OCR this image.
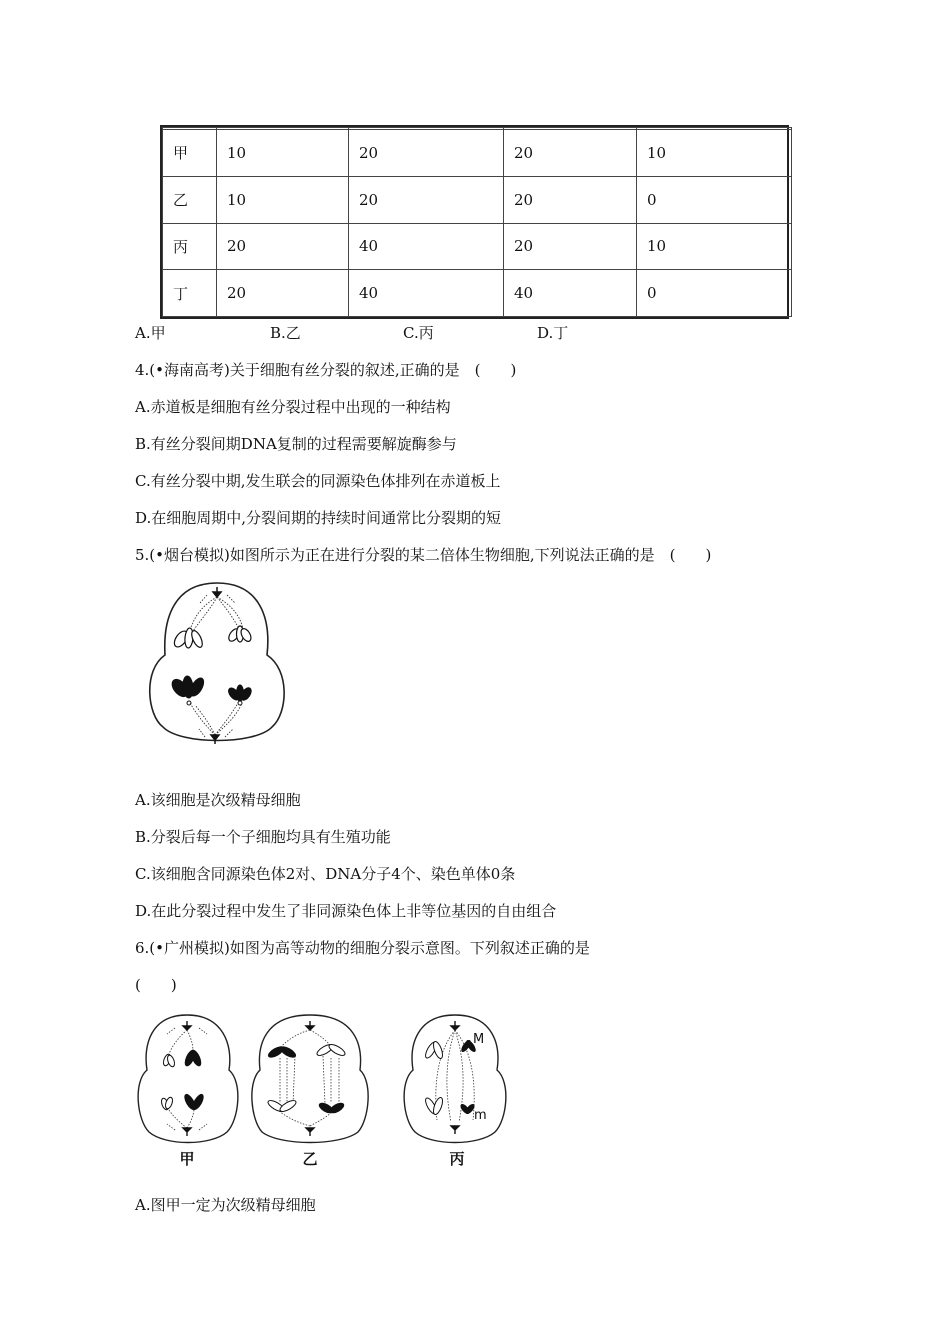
甲	10	20	20	10
乙	10	20	20	0
丙	20	40	20	10
丁	20	40	40	0
A.甲	B.乙	C.丙	D.丁
4.(•海南高考)关于细胞有丝分裂的叙述,正确的是　(　　)
A.赤道板是细胞有丝分裂过程中出现的一种结构
B.有丝分裂间期DNA复制的过程需要解旋酶参与
C.有丝分裂中期,发生联会的同源染色体排列在赤道板上
D.在细胞周期中,分裂间期的持续时间通常比分裂期的短
5.(•烟台模拟)如图所示为正在进行分裂的某二倍体生物细胞,下列说法正确的是　(　　)
A.该细胞是次级精母细胞
B.分裂后每一个子细胞均具有生殖功能
C.该细胞含同源染色体2对、DNA分子4个、染色单体0条
D.在此分裂过程中发生了非同源染色体上非等位基因的自由组合
6.(•广州模拟)如图为高等动物的细胞分裂示意图。下列叙述正确的是
(　　)
M
m
甲	乙	丙
A.图甲一定为次级精母细胞
